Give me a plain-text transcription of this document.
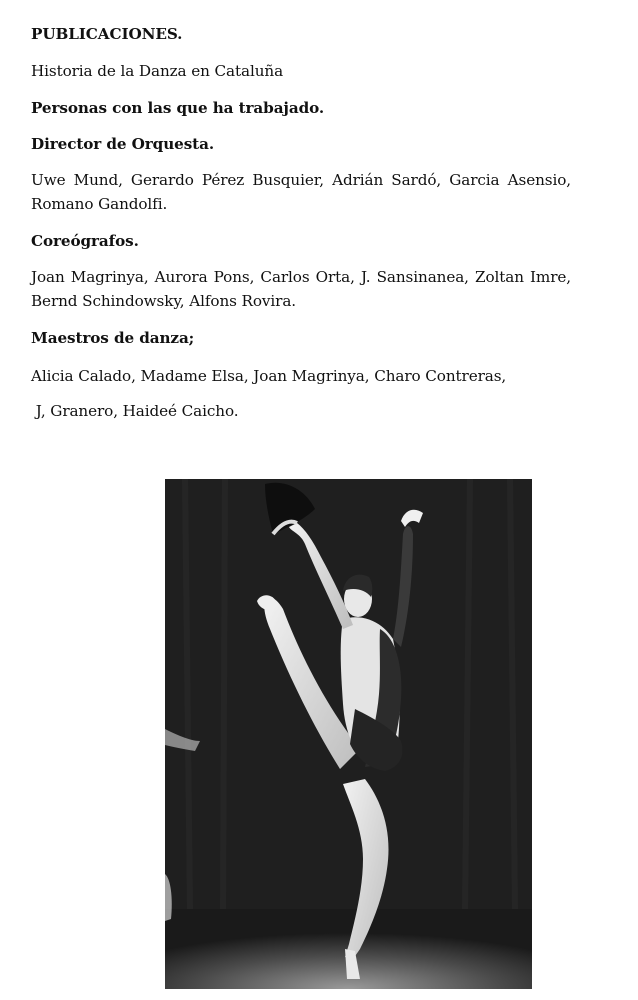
PUBLICACIONES.
Historia de la Danza en Cataluña
Personas con las que ha trabajado.
Director de Orquesta.
Uwe Mund, Gerardo Pérez Busquier, Adrián Sardó, Garcia Asensio, Romano Gandolfi.
Coreógrafos.
Joan Magrinya, Aurora Pons, Carlos Orta, J. Sansinanea, Zoltan Imre, Bernd Schindowsky, Alfons Rovira.
Maestros de danza;
Alicia Calado, Madame Elsa, Joan Magrinya, Charo Contreras,
J, Granero, Haideé Caicho.
